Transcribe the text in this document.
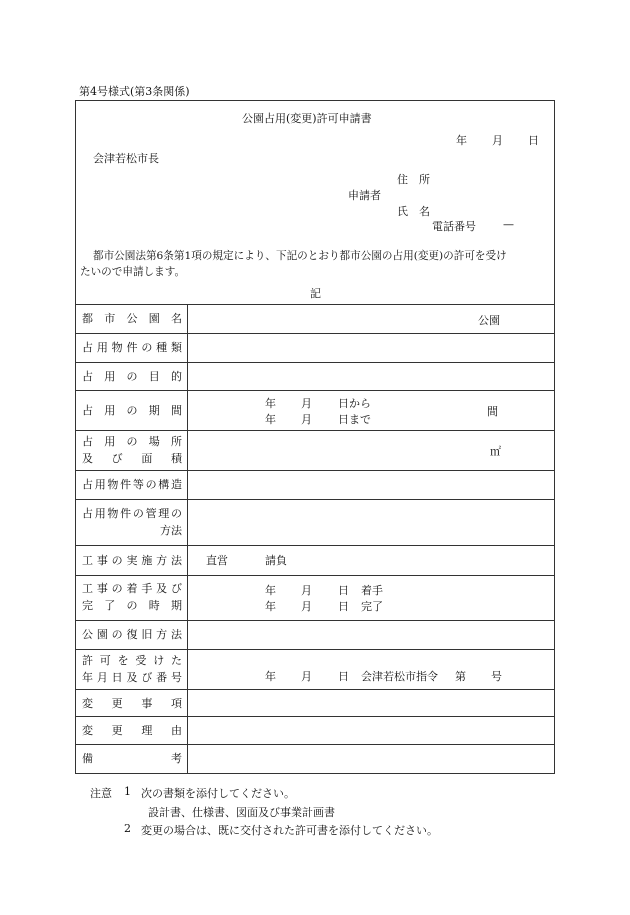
第4号様式(第3条関係)
公園占用(変更)許可申請書
年 月 日
会津若松市長
住　所
申請者
氏　名
電話番号 —
都市公園法第6条第1項の規定により、下記のとおり都市公園の占用(変更)の許可を受け
たいので申請します。
記
都市公園名
占用物件の種類
占用の目的
占用の期間
占用の場所
及び面積
占用物件等の構造
占用物件の管理の
方法
工事の実施方法
工事の着手及び
完了の時期
公園の復旧方法
許可を受けた
年月日及び番号
変更事項
変更理由
備考
公園
年 月 日から
年 月 日まで
間
㎡
直営	請負
年 月 日 着手
年 月 日 完了
年 月 日 会津若松市指令 第 号
注意 1 次の書類を添付してください。
設計書、仕様書、図面及び事業計画書
2 変更の場合は、既に交付された許可書を添付してください。
